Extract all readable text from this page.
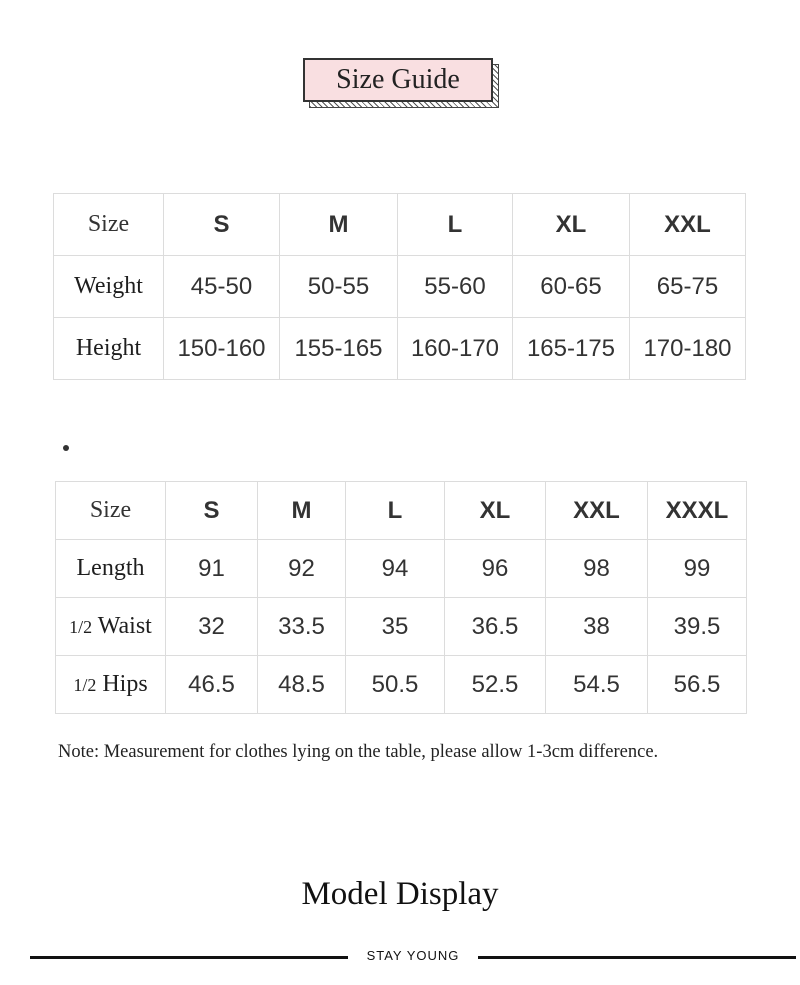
Size Guide
Size	S	M	L	XL	XXL
Weight	45-50	50-55	55-60	60-65	65-75
Height	150-160	155-165	160-170	165-175	170-180
Size	S	M	L	XL	XXL	XXXL
Length	91	92	94	96	98	99
1/2 Waist	32	33.5	35	36.5	38	39.5
1/2 Hips	46.5	48.5	50.5	52.5	54.5	56.5
Note: Measurement for clothes lying on the table, please allow 1-3cm difference.
Model Display
STAY YOUNG
